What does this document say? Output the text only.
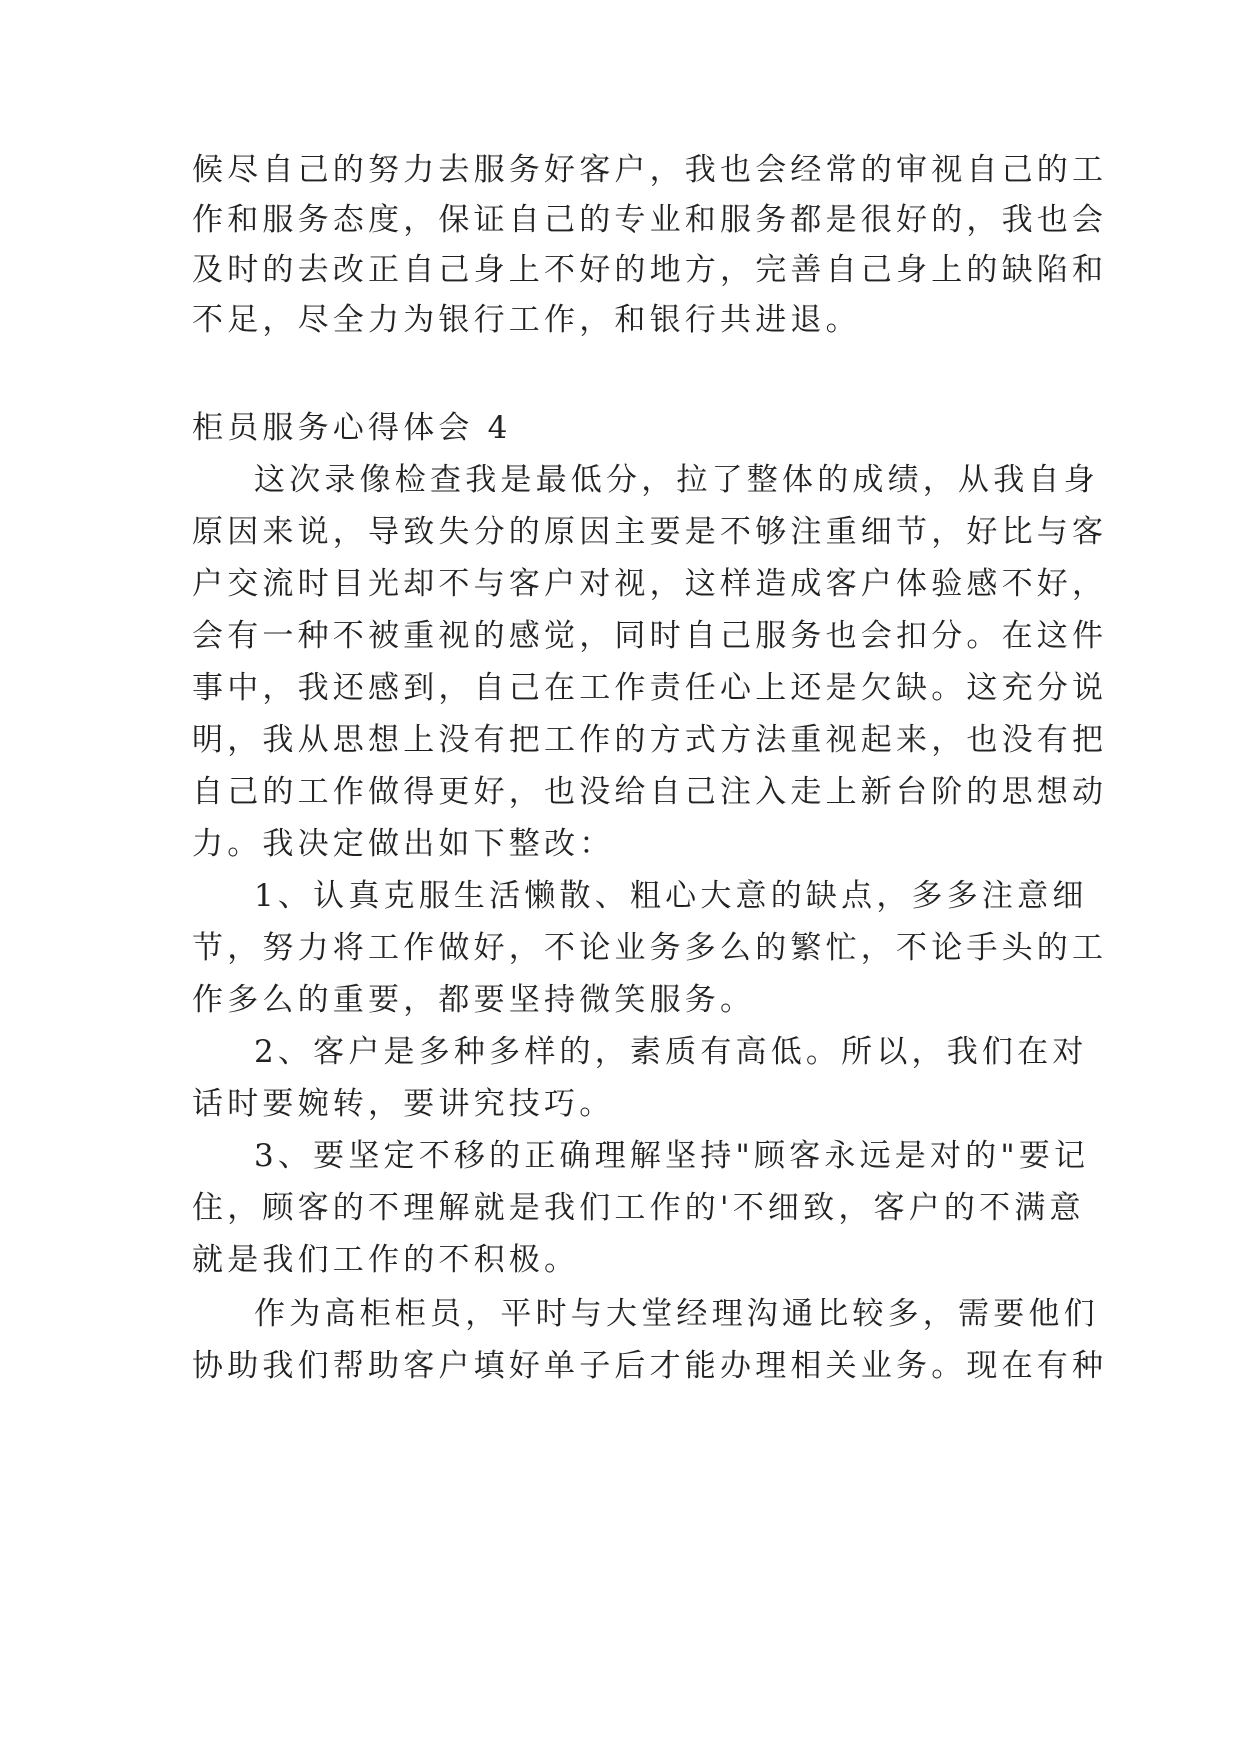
候尽自己的努力去服务好客户，我也会经常的审视自己的工

作和服务态度，保证自己的专业和服务都是很好的，我也会

及时的去改正自己身上不好的地方，完善自己身上的缺陷和

不足，尽全力为银行工作，和银行共进退。

柜员服务心得体会 4

这次录像检查我是最低分，拉了整体的成绩，从我自身

原因来说，导致失分的原因主要是不够注重细节，好比与客

户交流时目光却不与客户对视，这样造成客户体验感不好，

会有一种不被重视的感觉，同时自己服务也会扣分。在这件

事中，我还感到，自己在工作责任心上还是欠缺。这充分说

明，我从思想上没有把工作的方式方法重视起来，也没有把

自己的工作做得更好，也没给自己注入走上新台阶的思想动

力。我决定做出如下整改：

1、认真克服生活懒散、粗心大意的缺点，多多注意细

节，努力将工作做好，不论业务多么的繁忙，不论手头的工

作多么的重要，都要坚持微笑服务。

2、客户是多种多样的，素质有高低。所以，我们在对

话时要婉转，要讲究技巧。

3、要坚定不移的正确理解坚持"顾客永远是对的"要记

住，顾客的不理解就是我们工作的'不细致，客户的不满意

就是我们工作的不积极。

作为高柜柜员，平时与大堂经理沟通比较多，需要他们

协助我们帮助客户填好单子后才能办理相关业务。现在有种
